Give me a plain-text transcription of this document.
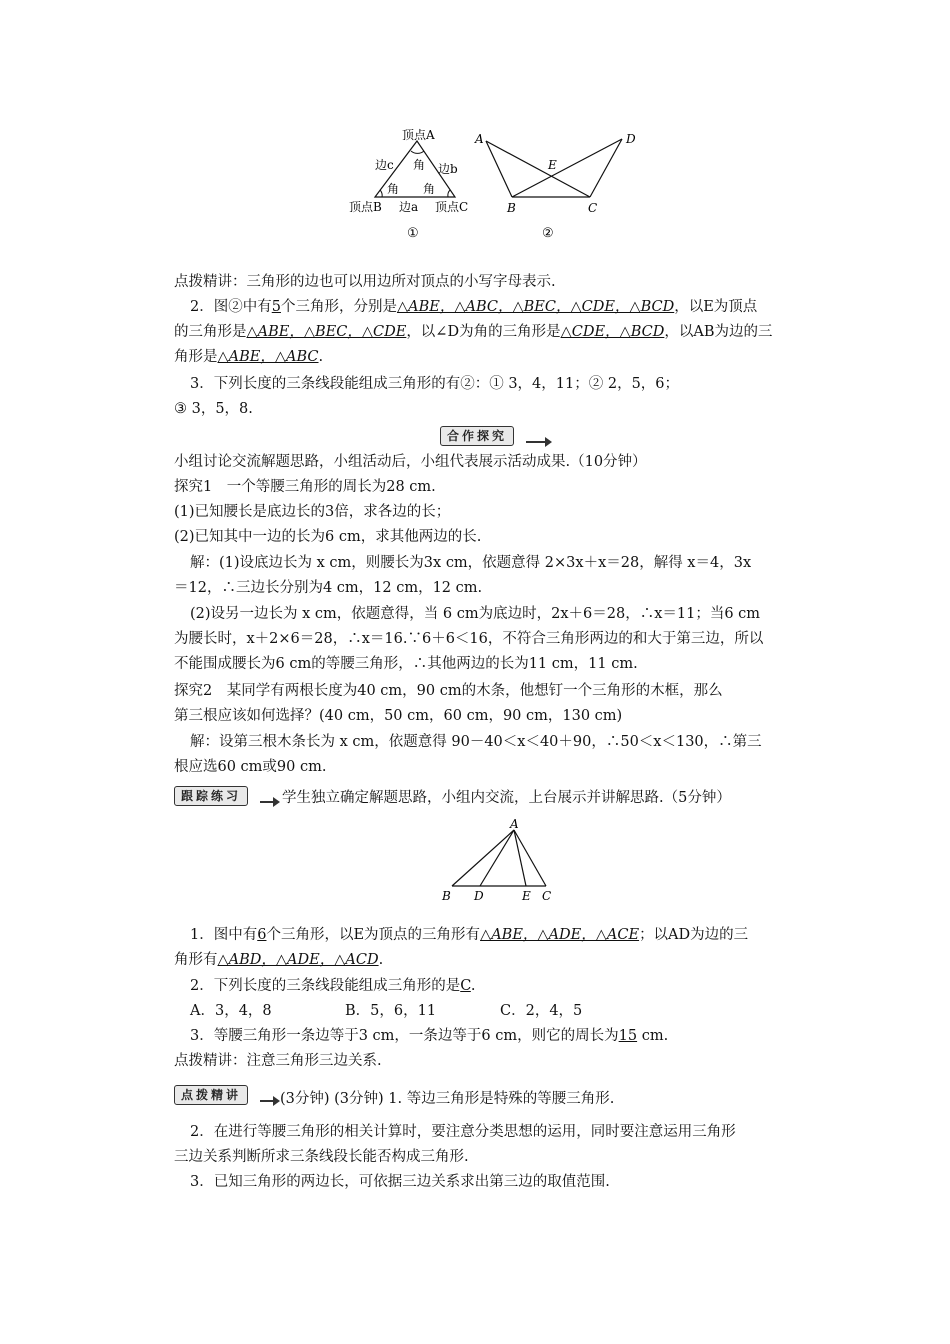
顶点A
边c 角 边b
角 角
顶点B 边a 顶点C
①
A	D
E
B	C
②
点拨精讲：三角形的边也可以用边所对顶点的小写字母表示.
2．图②中有5个三角形，分别是△ABE，△ABC，△BEC，△CDE，△BCD，以E为顶点
的三角形是△ABE，△BEC，△CDE，以∠D为角的三角形是△CDE，△BCD，以AB为边的三
角形是△ABE，△ABC.
3．下列长度的三条线段能组成三角形的有②：① 3，4，11；② 2，5，6；
③ 3，5，8.
合作探究
小组讨论交流解题思路，小组活动后，小组代表展示活动成果.（10分钟）
探究1　一个等腰三角形的周长为28 cm.
(1)已知腰长是底边长的3倍，求各边的长；
(2)已知其中一边的长为6 cm，求其他两边的长.
解：(1)设底边长为 x cm，则腰长为3x cm，依题意得 2×3x＋x＝28，解得 x＝4，3x
＝12，∴三边长分别为4 cm，12 cm，12 cm.
(2)设另一边长为 x cm，依题意得，当 6 cm为底边时，2x＋6＝28，∴x＝11；当6 cm
为腰长时，x＋2×6＝28，∴x＝16.∵6＋6＜16，不符合三角形两边的和大于第三边，所以
不能围成腰长为6 cm的等腰三角形，∴其他两边的长为11 cm，11 cm.
探究2　某同学有两根长度为40 cm，90 cm的木条，他想钉一个三角形的木框，那么
第三根应该如何选择？(40 cm，50 cm，60 cm，90 cm，130 cm)
解：设第三根木条长为 x cm，依题意得 90－40＜x＜40＋90，∴50＜x＜130，∴第三
根应选60 cm或90 cm.
跟踪练习	学生独立确定解题思路，小组内交流，上台展示并讲解思路.（5分钟）
A
B D	E C
1．图中有6个三角形，以E为顶点的三角形有△ABE，△ADE，△ACE；以AD为边的三
角形有△ABD，△ADE，△ACD.
2．下列长度的三条线段能组成三角形的是C.
A．3，4，8	B．5，6，11	C．2，4，5
3．等腰三角形一条边等于3 cm，一条边等于6 cm，则它的周长为15 cm.
点拨精讲：注意三角形三边关系.
点拨精讲	(3分钟) (3分钟) 1. 等边三角形是特殊的等腰三角形.
2．在进行等腰三角形的相关计算时，要注意分类思想的运用，同时要注意运用三角形
三边关系判断所求三条线段长能否构成三角形.
3．已知三角形的两边长，可依据三边关系求出第三边的取值范围.
